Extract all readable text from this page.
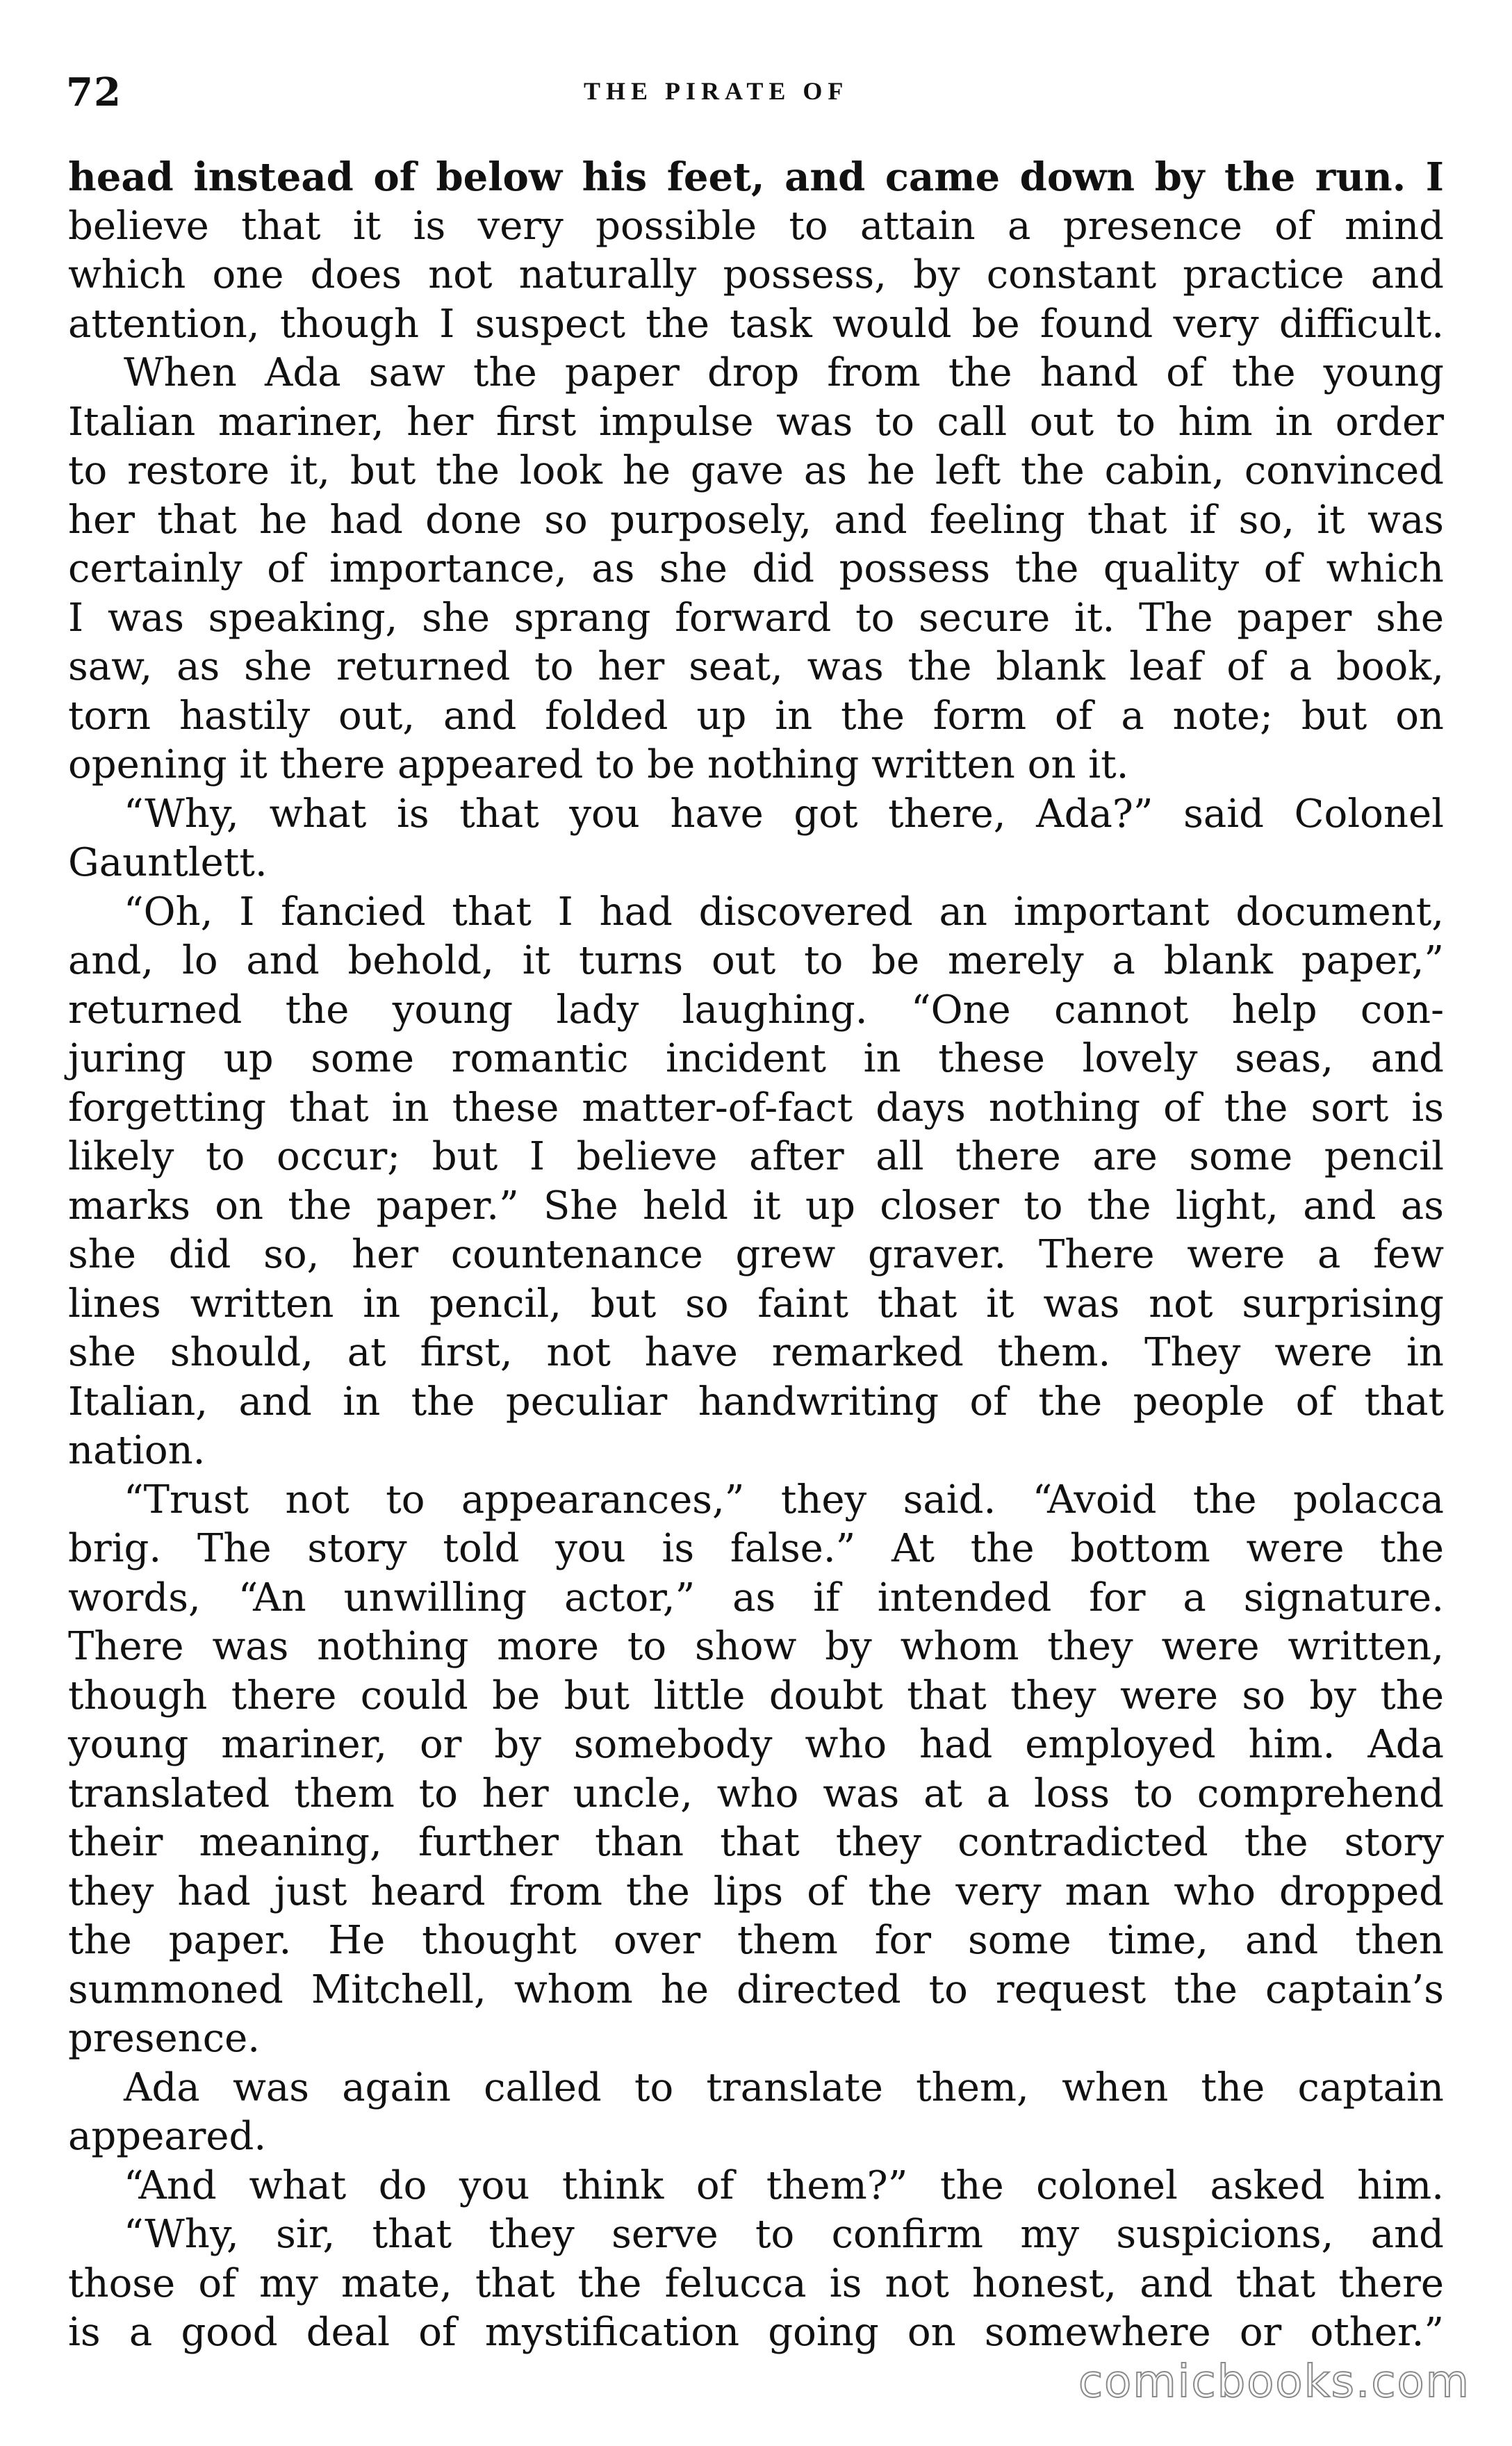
72	THE PIRATE OF
head instead of below his feet, and came down by the run. I
believe that it is very possible to attain a presence of mind
which one does not naturally possess, by constant practice and
attention, though I suspect the task would be found very difficult.
When Ada saw the paper drop from the hand of the young
Italian mariner, her first impulse was to call out to him in order
to restore it, but the look he gave as he left the cabin, convinced
her that he had done so purposely, and feeling that if so, it was
certainly of importance, as she did possess the quality of which
I was speaking, she sprang forward to secure it. The paper she
saw, as she returned to her seat, was the blank leaf of a book,
torn hastily out, and folded up in the form of a note; but on
opening it there appeared to be nothing written on it.
“Why, what is that you have got there, Ada?” said Colonel
Gauntlett.
“Oh, I fancied that I had discovered an important document,
and, lo and behold, it turns out to be merely a blank paper,”
returned the young lady laughing. “One cannot help con-
juring up some romantic incident in these lovely seas, and
forgetting that in these matter-of-fact days nothing of the sort is
likely to occur; but I believe after all there are some pencil
marks on the paper.” She held it up closer to the light, and as
she did so, her countenance grew graver. There were a few
lines written in pencil, but so faint that it was not surprising
she should, at first, not have remarked them. They were in
Italian, and in the peculiar handwriting of the people of that
nation.
“Trust not to appearances,” they said. “Avoid the polacca
brig. The story told you is false.” At the bottom were the
words, “An unwilling actor,” as if intended for a signature.
There was nothing more to show by whom they were written,
though there could be but little doubt that they were so by the
young mariner, or by somebody who had employed him. Ada
translated them to her uncle, who was at a loss to comprehend
their meaning, further than that they contradicted the story
they had just heard from the lips of the very man who dropped
the paper. He thought over them for some time, and then
summoned Mitchell, whom he directed to request the captain’s
presence.
Ada was again called to translate them, when the captain
appeared.
“And what do you think of them?” the colonel asked him.
“Why, sir, that they serve to confirm my suspicions, and
those of my mate, that the felucca is not honest, and that there
is a good deal of mystification going on somewhere or other.”
comicbooks.com
